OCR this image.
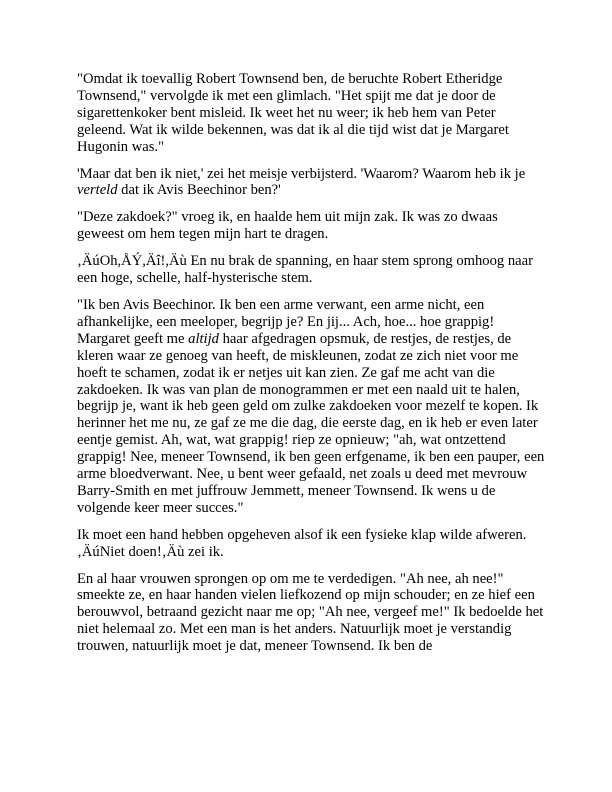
"Omdat ik toevallig Robert Townsend ben, de beruchte Robert Etheridge Townsend," vervolgde ik met een glimlach. "Het spijt me dat je door de sigarettenkoker bent misleid. Ik weet het nu weer; ik heb hem van Peter geleend. Wat ik wilde bekennen, was dat ik al die tijd wist dat je Margaret Hugonin was."

'Maar dat ben ik niet,' zei het meisje verbijsterd. 'Waarom? Waarom heb ik je verteld dat ik Avis Beechinor ben?'

"Deze zakdoek?" vroeg ik, en haalde hem uit mijn zak. Ik was zo dwaas geweest om hem tegen mijn hart te dragen.

‚ÄúOh,ÅÝ,Äî!,Äù En nu brak de spanning, en haar stem sprong omhoog naar een hoge, schelle, half-hysterische stem.

"Ik ben Avis Beechinor. Ik ben een arme verwant, een arme nicht, een afhankelijke, een meeloper, begrijp je? En jij... Ach, hoe... hoe grappig! Margaret geeft me altijd haar afgedragen opsmuk, de restjes, de restjes, de kleren waar ze genoeg van heeft, de miskleunen, zodat ze zich niet voor me hoeft te schamen, zodat ik er netjes uit kan zien. Ze gaf me acht van die zakdoeken. Ik was van plan de monogrammen er met een naald uit te halen, begrijp je, want ik heb geen geld om zulke zakdoeken voor mezelf te kopen. Ik herinner het me nu, ze gaf ze me die dag, die eerste dag, en ik heb er even later eentje gemist. Ah, wat, wat grappig! riep ze opnieuw; "ah, wat ontzettend grappig! Nee, meneer Townsend, ik ben geen erfgename, ik ben een pauper, een arme bloedverwant. Nee, u bent weer gefaald, net zoals u deed met mevrouw Barry-Smith en met juffrouw Jemmett, meneer Townsend. Ik wens u de volgende keer meer succes."

Ik moet een hand hebben opgeheven alsof ik een fysieke klap wilde afweren. ‚ÄúNiet doen!‚Äù zei ik.

En al haar vrouwen sprongen op om me te verdedigen. "Ah nee, ah nee!" smeekte ze, en haar handen vielen liefkozend op mijn schouder; en ze hief een berouwvol, betraand gezicht naar me op; "Ah nee, vergeef me!" Ik bedoelde het niet helemaal zo. Met een man is het anders. Natuurlijk moet je verstandig trouwen, natuurlijk moet je dat, meneer Townsend. Ik ben de
